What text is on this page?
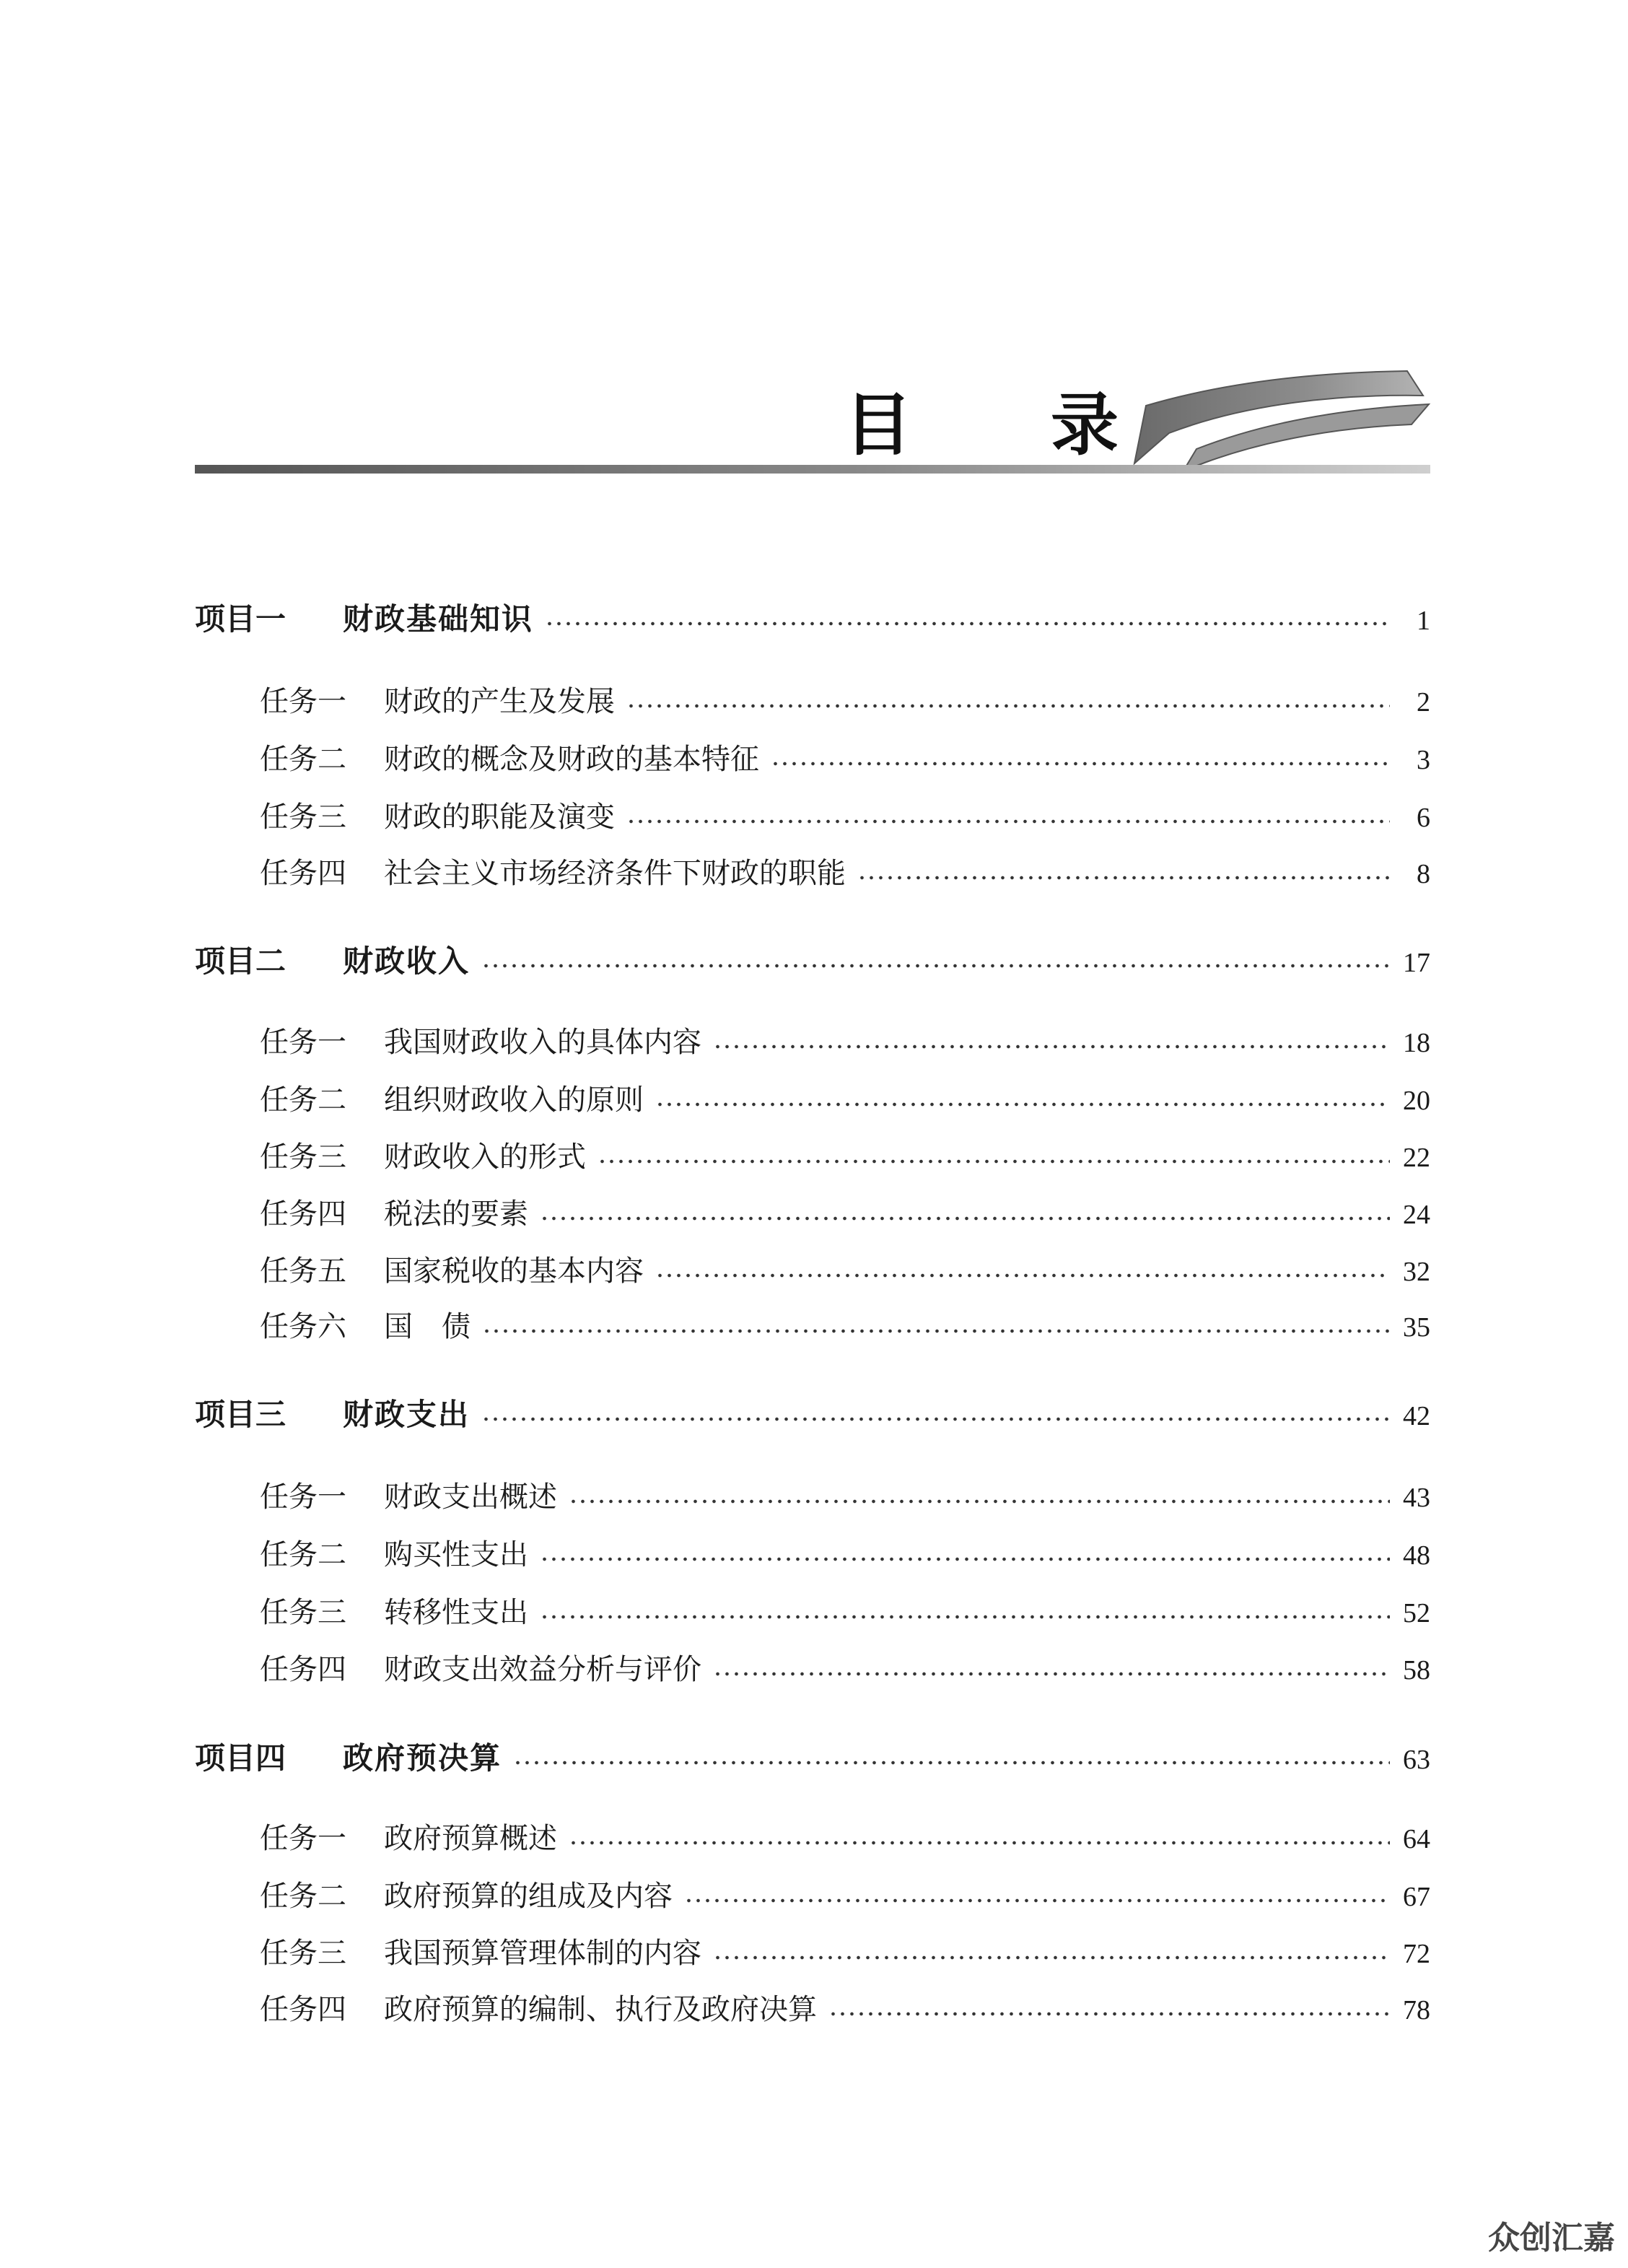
目 录
项目一	财政基础知识	1
任务一	财政的产生及发展	2
任务二	财政的概念及财政的基本特征	3
任务三	财政的职能及演变	6
任务四	社会主义市场经济条件下财政的职能	8
项目二	财政收入	17
任务一	我国财政收入的具体内容	18
任务二	组织财政收入的原则	20
任务三	财政收入的形式	22
任务四	税法的要素	24
任务五	国家税收的基本内容	32
任务六	国　债	35
项目三	财政支出	42
任务一	财政支出概述	43
任务二	购买性支出	48
任务三	转移性支出	52
任务四	财政支出效益分析与评价	58
项目四	政府预决算	63
任务一	政府预算概述	64
任务二	政府预算的组成及内容	67
任务三	我国预算管理体制的内容	72
任务四	政府预算的编制、执行及政府决算	78
众创汇嘉
